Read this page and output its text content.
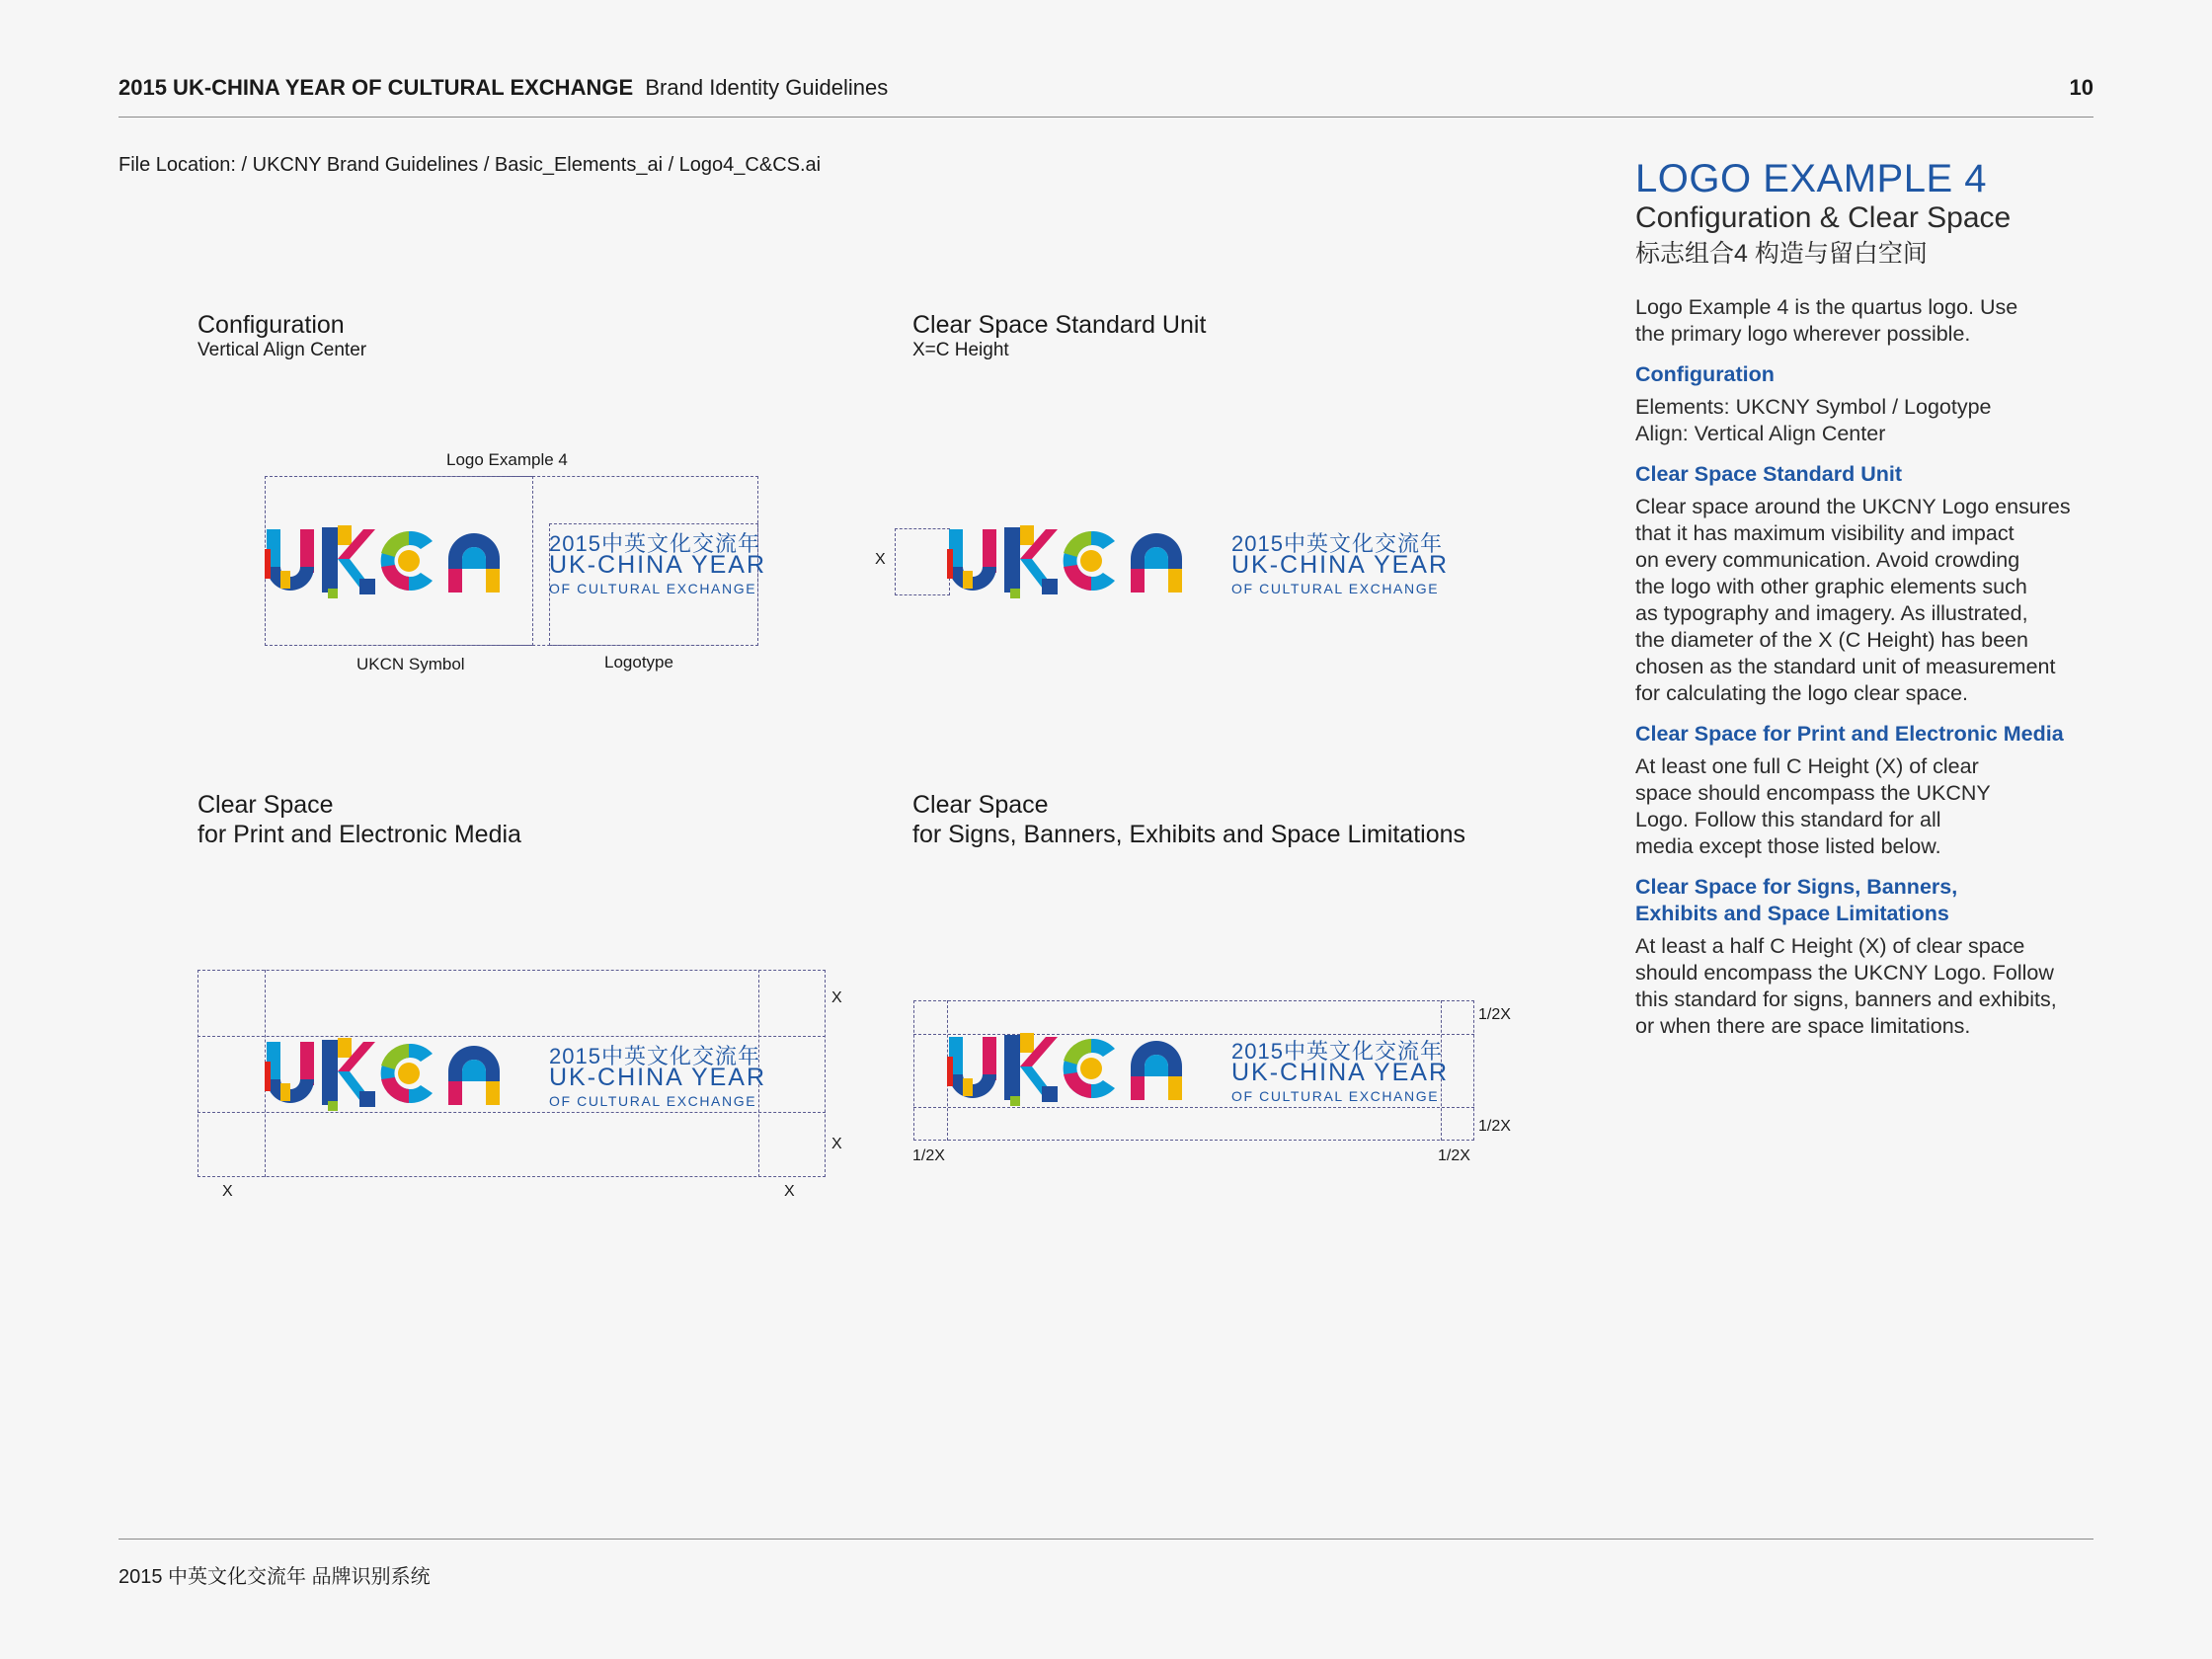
2015 UK-CHINA YEAR OF CULTURAL EXCHANGE Brand Identity Guidelines	10
File Location: / UKCNY Brand Guidelines / Basic_Elements_ai / Logo4_C&CS.ai	LOGO EXAMPLE 4

Configuration & Clear Space

标志组合4 构造与留白空间

Logo Example 4 is the quartus logo. Use
the primary logo wherever possible.

Configuration

Elements: UKCNY Symbol / Logotype
Align: Vertical Align Center

Clear Space Standard Unit

Clear space around the UKCNY Logo ensures
that it has maximum visibility and impact
on every communication. Avoid crowding
the logo with other graphic elements such
as typography and imagery. As illustrated,
the diameter of the X (C Height) has been
chosen as the standard unit of measurement
for calculating the logo clear space.

Clear Space for Print and Electronic Media

At least one full C Height (X) of clear
space should encompass the UKCNY
Logo. Follow this standard for all
media except those listed below.

Clear Space for Signs, Banners,
Exhibits and Space Limitations

At least a half C Height (X) of clear space
should encompass the UKCNY Logo. Follow
this standard for signs, banners and exhibits,
or when there are space limitations.

Configuration
Vertical Align Center
Logo Example 4
2015中英文化交流年
UK-CHINA YEAR
OF CULTURAL EXCHANGE
UKCN Symbol	Logotype
Clear Space Standard Unit
X=C Height
X
2015中英文化交流年
UK-CHINA YEAR
OF CULTURAL EXCHANGE
Clear Space
for Print and Electronic Media
2015中英文化交流年
UK-CHINA YEAR
OF CULTURAL EXCHANGE
X
X
X	X
Clear Space
for Signs, Banners, Exhibits and Space Limitations
2015中英文化交流年
UK-CHINA YEAR
OF CULTURAL EXCHANGE
1/2X
1/2X
1/2X	1/2X
2015 中英文化交流年 品牌识别系统
